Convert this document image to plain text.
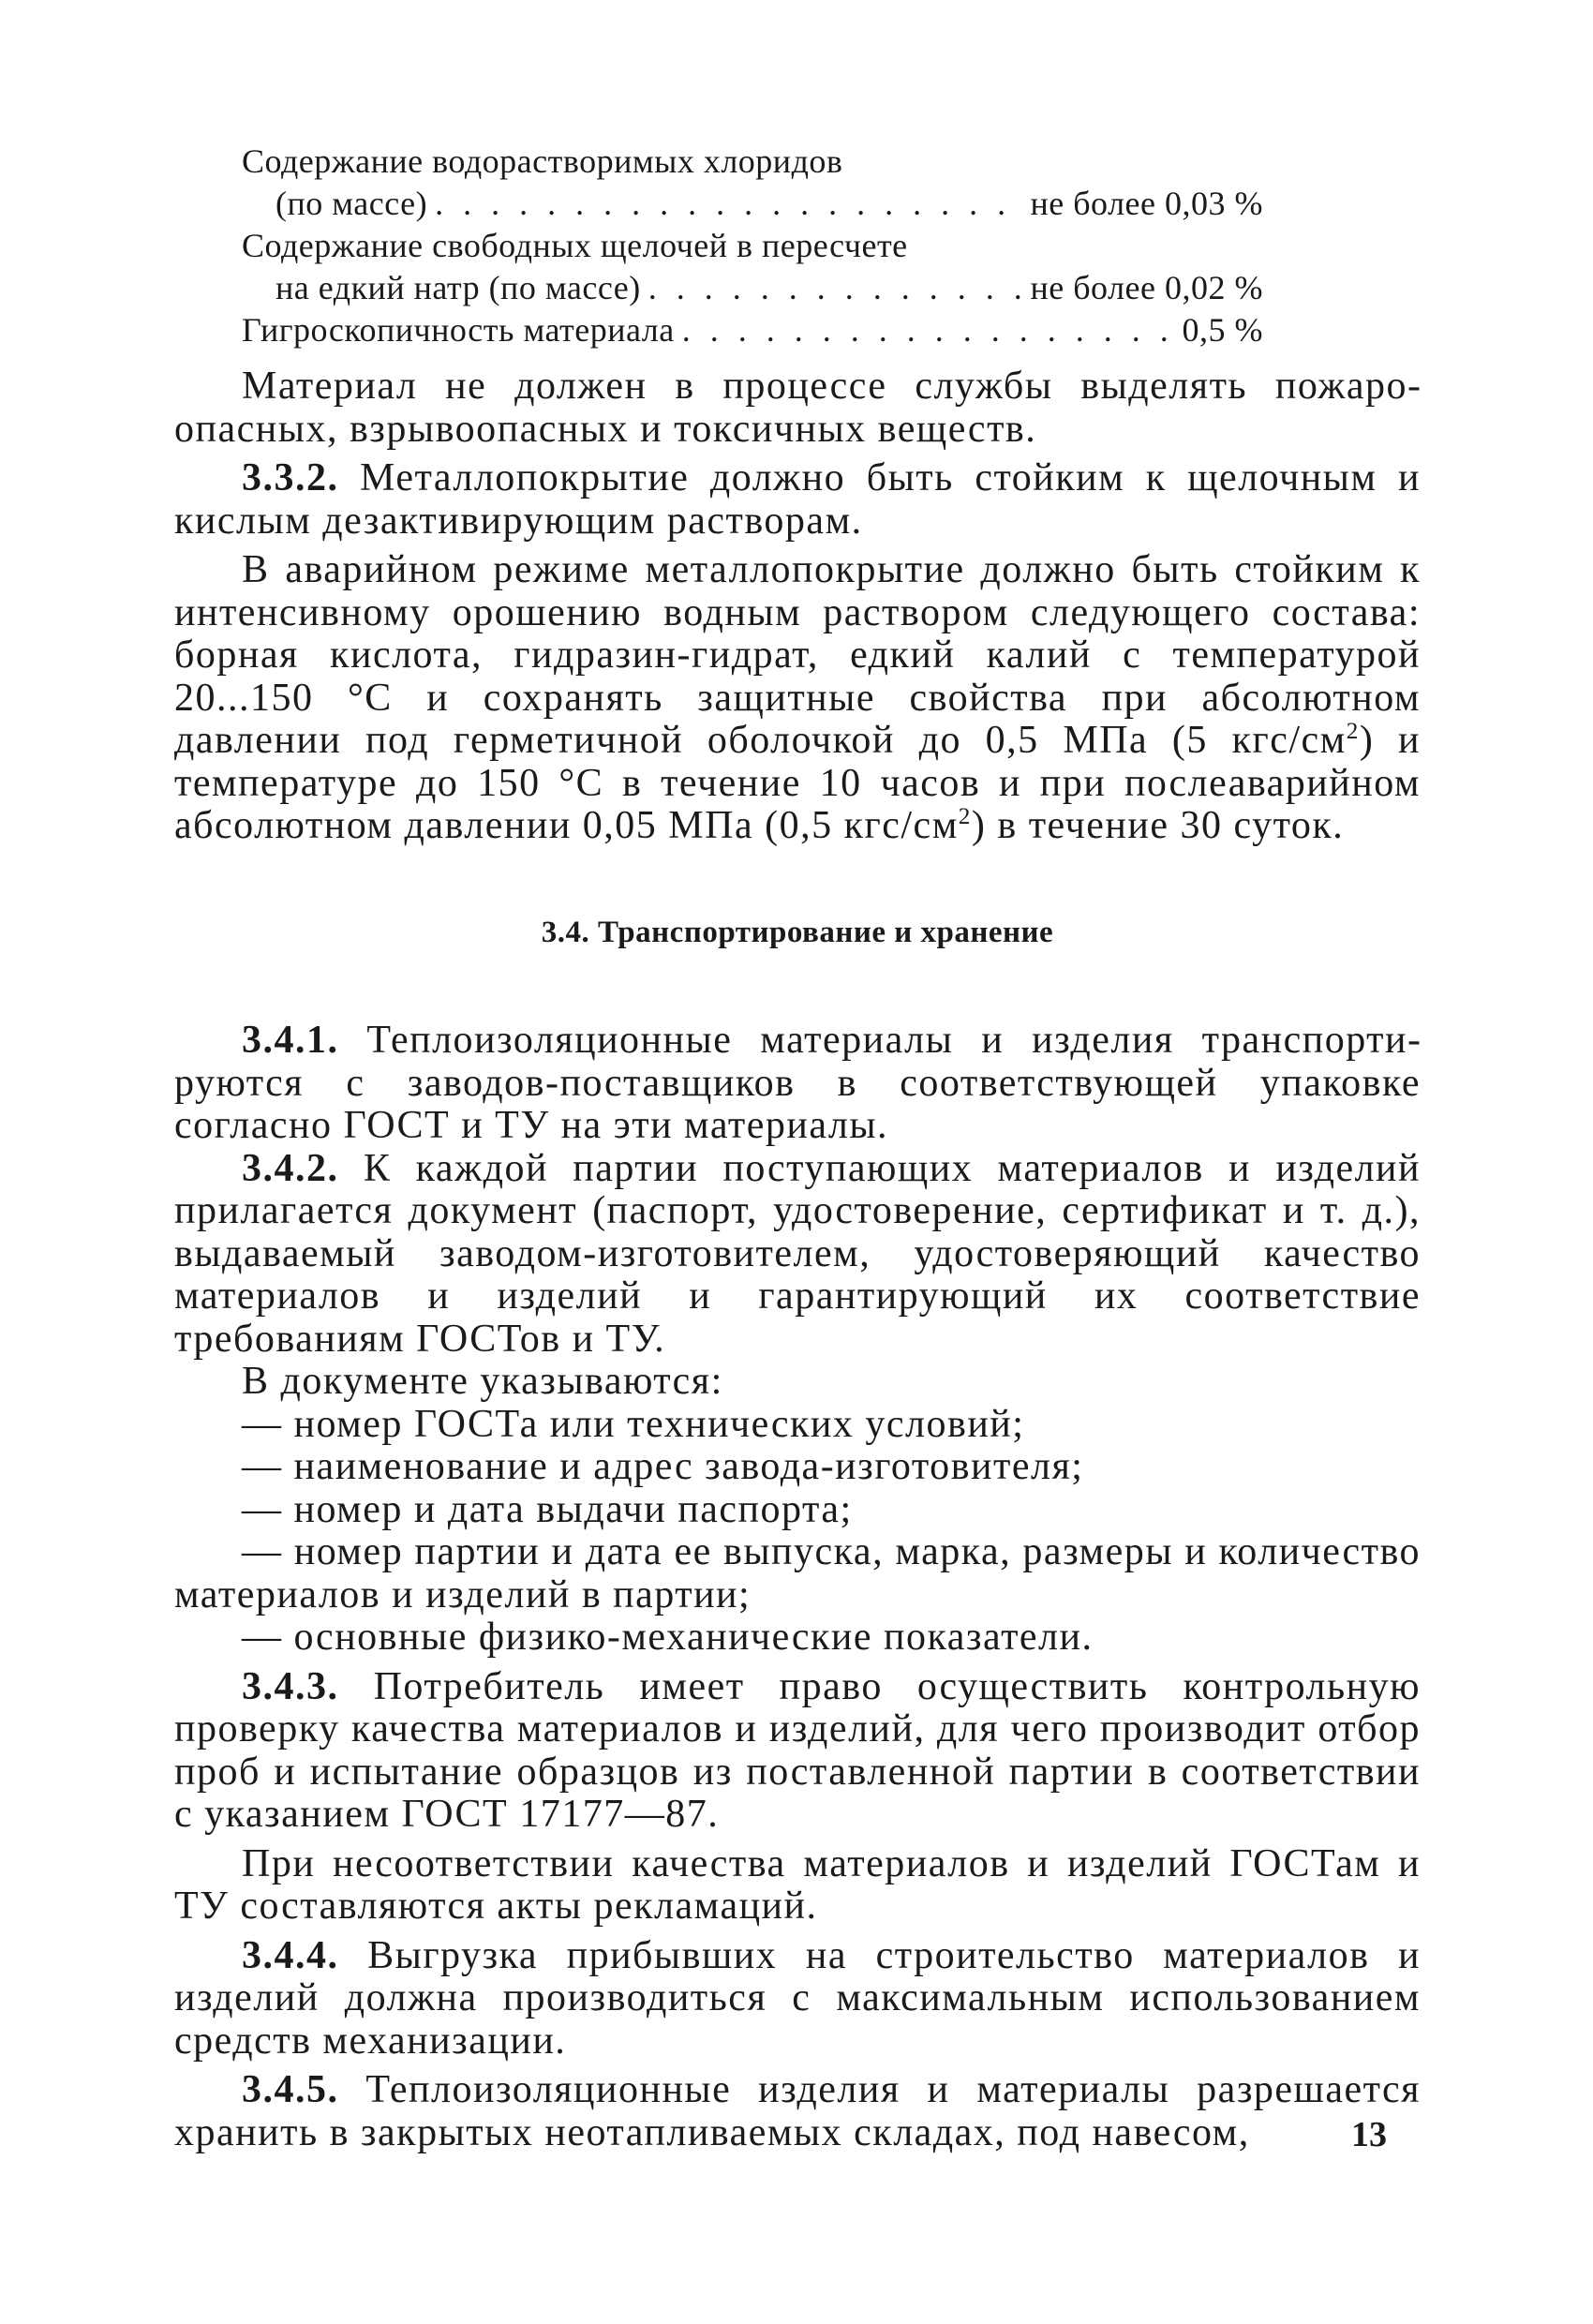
Содержание водорастворимых хлоридов
(по массе) . . .	не более 0,03 %
Содержание свободных щелочей в пересчете
на едкий натр (по массе) . . .	не более 0,02 %
Гигроскопичность материала . . .	0,5 %

Материал не должен в процессе службы выделять пожароопасных, взрывоопасных и токсичных веществ.

3.3.2. Металлопокрытие должно быть стойким к щелочным и кислым дезактивирующим растворам.

В аварийном режиме металлопокрытие должно быть стойким к интенсивному орошению водным раствором следующего состава: борная кислота, гидразин-гидрат, едкий калий с температурой 20...150 °С и сохранять защитные свойства при абсолютном давлении под герметичной оболочкой до 0,5 МПа (5 кгс/$см^2$) и температуре до 150 °С в течение 10 часов и при послеаварийном абсолютном давлении 0,05 МПа (0,5 кгс/$см^2$) в течение 30 суток.

3.4. Транспортирование и хранение

3.4.1. Теплоизоляционные материалы и изделия транспортируются с заводов-поставщиков в соответствующей упаковке согласно ГОСТ и ТУ на эти материалы.

3.4.2. К каждой партии поступающих материалов и изделий прилагается документ (паспорт, удостоверение, сертификат и т. д.), выдаваемый заводом-изготовителем, удостоверяющий качество материалов и изделий и гарантирующий их соответствие требованиям ГОСТов и ТУ.

В документе указываются:

— номер ГОСТа или технических условий;

— наименование и адрес завода-изготовителя;

— номер и дата выдачи паспорта;

— номер партии и дата ее выпуска, марка, размеры и количество материалов и изделий в партии;

— основные физико-механические показатели.

3.4.3. Потребитель имеет право осуществить контрольную проверку качества материалов и изделий, для чего производит отбор проб и испытание образцов из поставленной партии в соответствии с указанием ГОСТ 17177—87.

При несоответствии качества материалов и изделий ГОСТам и ТУ составляются акты рекламаций.

3.4.4. Выгрузка прибывших на строительство материалов и изделий должна производиться с максимальным использованием средств механизации.

3.4.5. Теплоизоляционные изделия и материалы разрешается хранить в закрытых неотапливаемых складах, под навесом,	13
